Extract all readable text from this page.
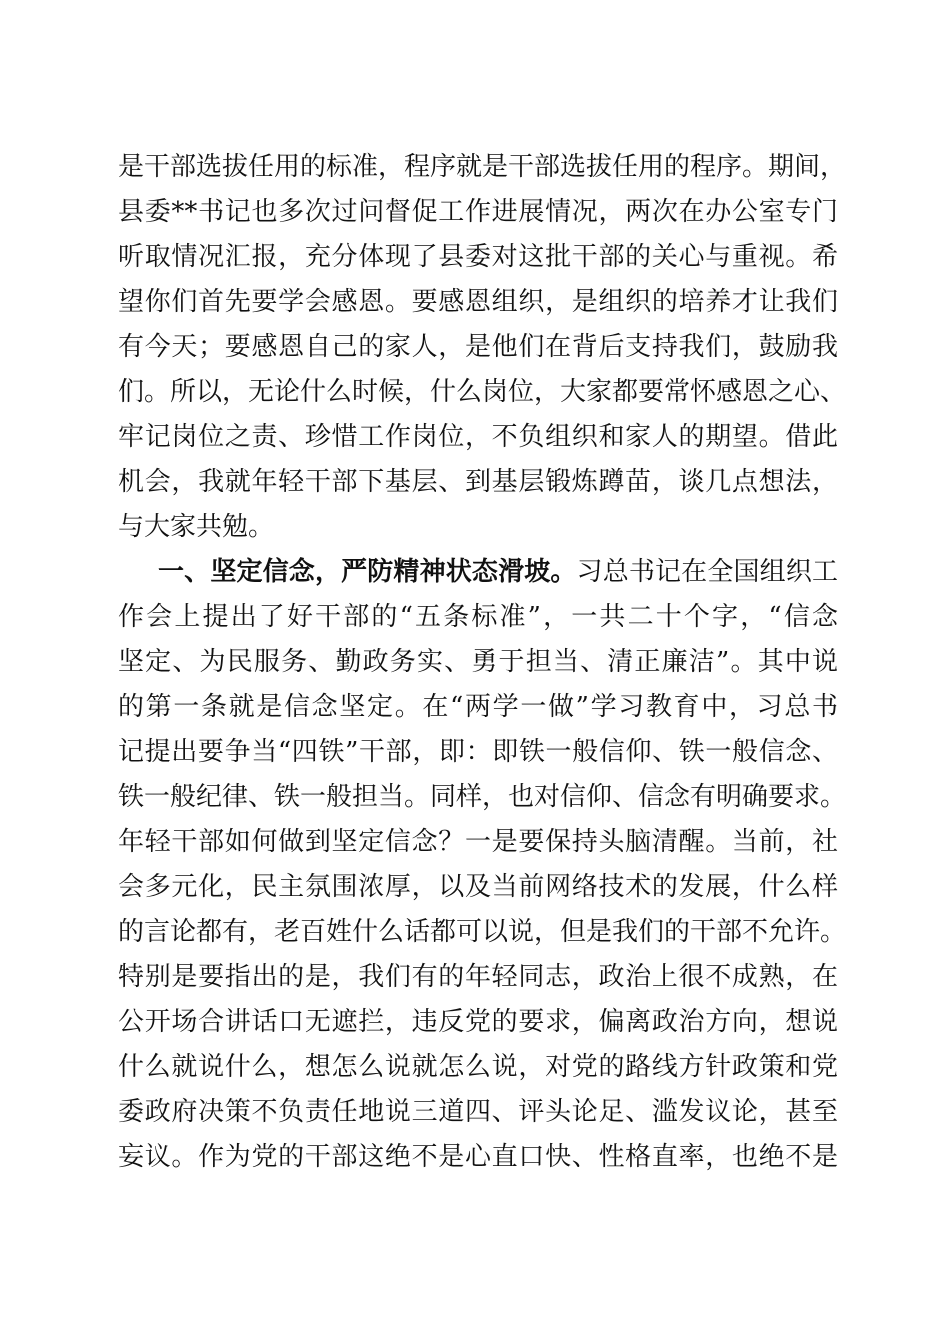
是干部选拔任用的标准，程序就是干部选拔任用的程序。期间，
县委**书记也多次过问督促工作进展情况，两次在办公室专门
听取情况汇报，充分体现了县委对这批干部的关心与重视。希
望你们首先要学会感恩。要感恩组织，是组织的培养才让我们
有今天；要感恩自己的家人，是他们在背后支持我们，鼓励我
们。所以，无论什么时候，什么岗位，大家都要常怀感恩之心、
牢记岗位之责、珍惜工作岗位，不负组织和家人的期望。借此
机会，我就年轻干部下基层、到基层锻炼蹲苗，谈几点想法，
与大家共勉。
一、坚定信念，严防精神状态滑坡。习总书记在全国组织工
作会上提出了好干部的“五条标准”，一共二十个字，“信念
坚定、为民服务、勤政务实、勇于担当、清正廉洁”。其中说
的第一条就是信念坚定。在“两学一做”学习教育中，习总书
记提出要争当“四铁”干部，即：即铁一般信仰、铁一般信念、
铁一般纪律、铁一般担当。同样，也对信仰、信念有明确要求。
年轻干部如何做到坚定信念？一是要保持头脑清醒。当前，社
会多元化，民主氛围浓厚，以及当前网络技术的发展，什么样
的言论都有，老百姓什么话都可以说，但是我们的干部不允许。
特别是要指出的是，我们有的年轻同志，政治上很不成熟，在
公开场合讲话口无遮拦，违反党的要求，偏离政治方向，想说
什么就说什么，想怎么说就怎么说，对党的路线方针政策和党
委政府决策不负责任地说三道四、评头论足、滥发议论，甚至
妄议。作为党的干部这绝不是心直口快、性格直率，也绝不是
